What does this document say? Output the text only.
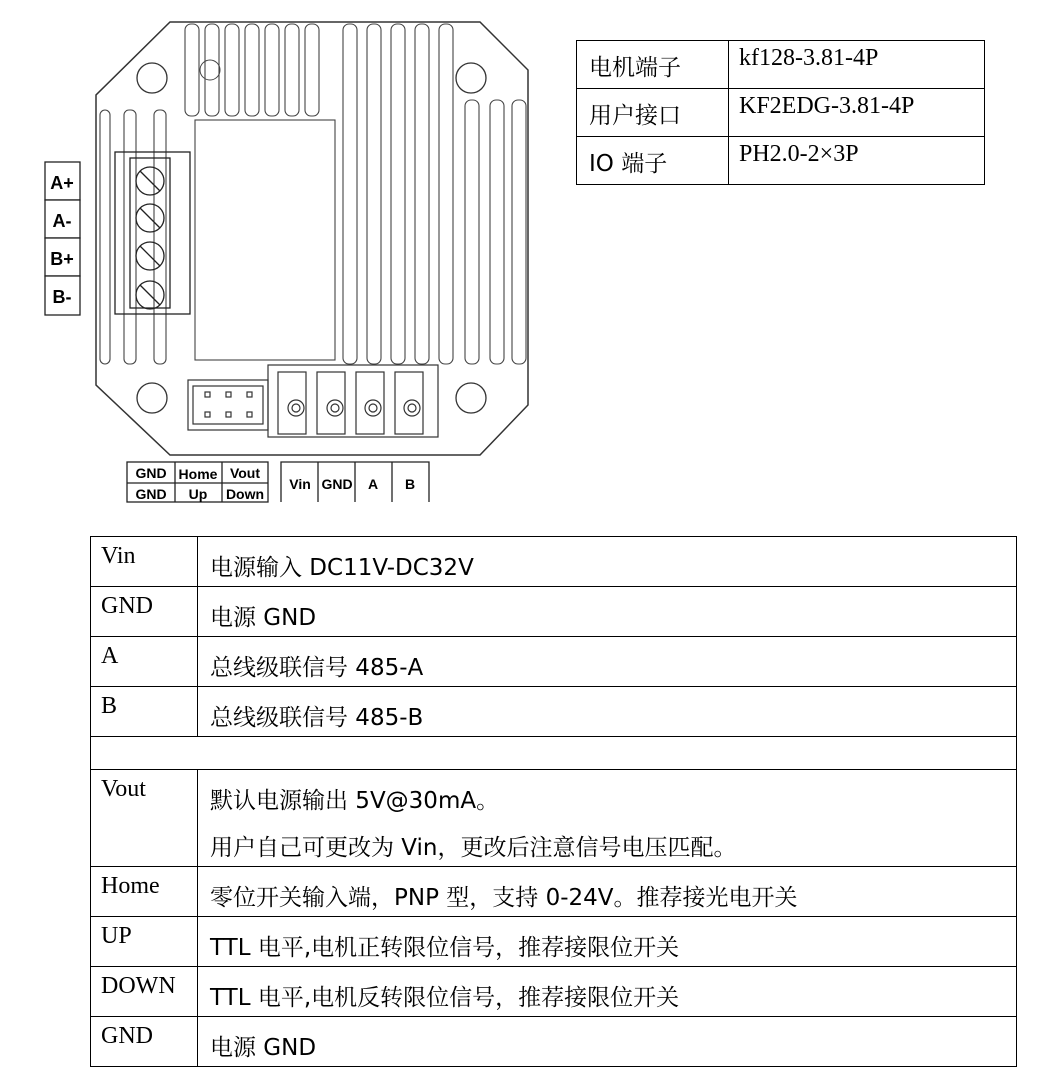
A+
A-
B+
B-
GND Home Vout
GND Up Down
Vin GND A B
电机端子	kf128-3.81-4P
用户接口	KF2EDG-3.81-4P
IO 端子	PH2.0-2×3P
Vin	电源输入 DC11V-DC32V
GND	电源 GND
A	总线级联信号 485-A
B	总线级联信号 485-B

Vout	默认电源输出 5V@30mA。
用户自己可更改为 Vin，更改后注意信号电压匹配。

Home	零位开关输入端，PNP 型，支持 0-24V。推荐接光电开关
UP	TTL 电平,电机正转限位信号，推荐接限位开关
DOWN	TTL 电平,电机反转限位信号，推荐接限位开关
GND	电源 GND
